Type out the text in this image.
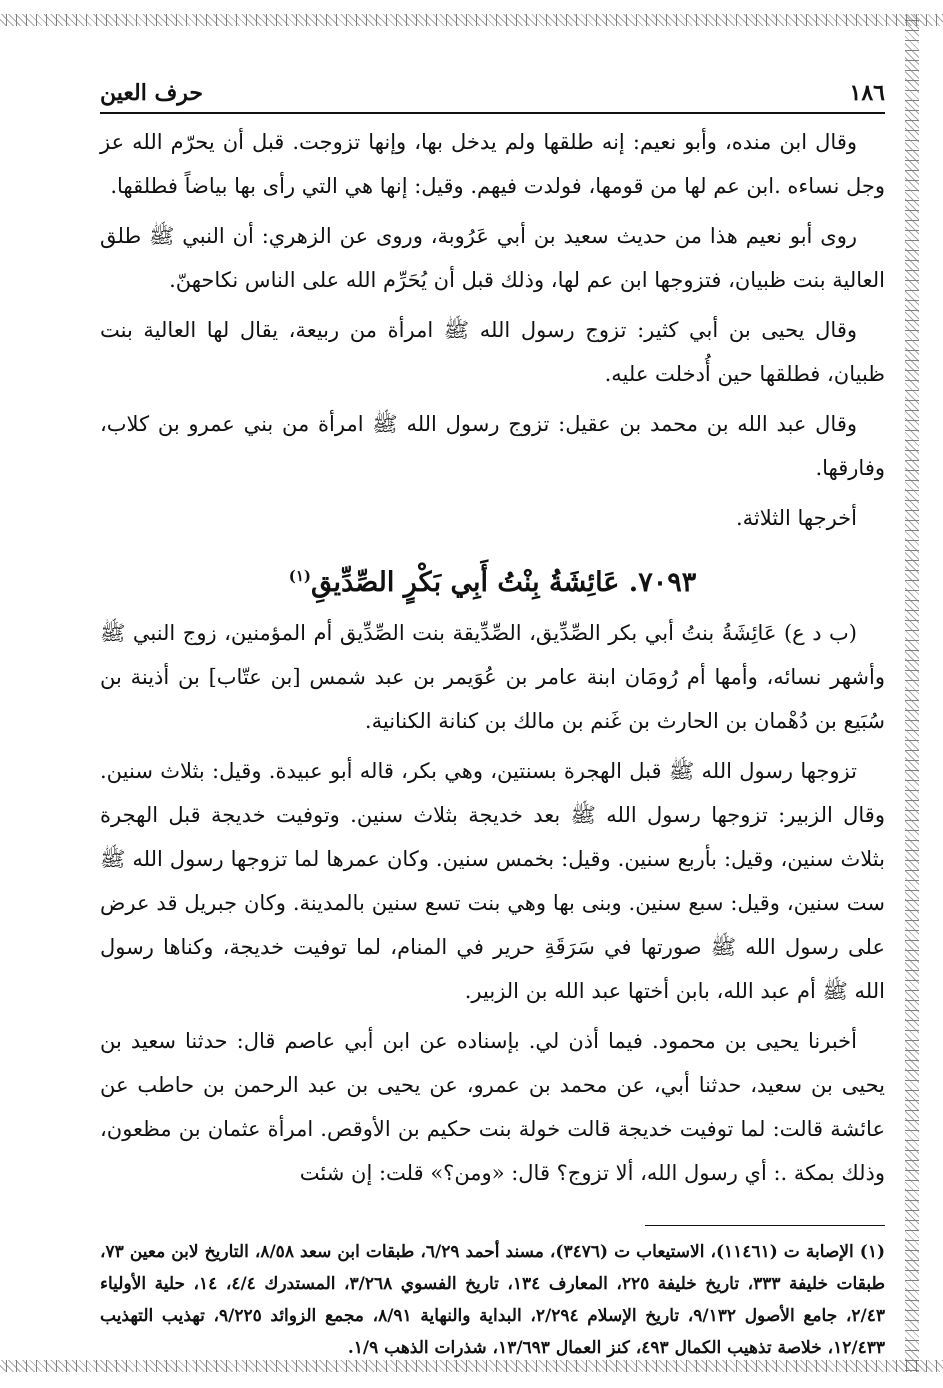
١٨٦
حرف العين

وقال ابن منده، وأبو نعيم: إنه طلقها ولم يدخل بها، وإنها تزوجت. قبل أن يحرّم الله عز وجل نساءه .ابن عم لها من قومها، فولدت فيهم. وقيل: إنها هي التي رأى بها بياضاً فطلقها.

روى أبو نعيم هذا من حديث سعيد بن أبي عَرُوبة، وروى عن الزهري: أن النبي ﷺ طلق العالية بنت ظبيان، فتزوجها ابن عم لها، وذلك قبل أن يُحَرِّم الله على الناس نكاحهنّ.

وقال يحيى بن أبي كثير: تزوج رسول الله ﷺ امرأة من ربيعة، يقال لها العالية بنت ظبيان، فطلقها حين أُدخلت عليه.

وقال عبد الله بن محمد بن عقيل: تزوج رسول الله ﷺ امرأة من بني عمرو بن كلاب، وفارقها.

أخرجها الثلاثة.

٧٠٩٣. عَائِشَةُ بِنْتُ أَبِي بَكْرٍ الصِّدِّيقِ$^{(١)}$

(ب د ع) عَائِشَةُ بنتُ أبي بكر الصِّدِّيق، الصِّدِّيقة بنت الصِّدِّيق أم المؤمنين، زوج النبي ﷺ وأشهر نسائه، وأمها أم رُومَان ابنة عامر بن عُوَيمر بن عبد شمس [بن عتّاب] بن أذينة بن سُبَيع بن دُهْمان بن الحارث بن غَنم بن مالك بن كنانة الكنانية.

تزوجها رسول الله ﷺ قبل الهجرة بسنتين، وهي بكر، قاله أبو عبيدة. وقيل: بثلاث سنين. وقال الزبير: تزوجها رسول الله ﷺ بعد خديجة بثلاث سنين. وتوفيت خديجة قبل الهجرة بثلاث سنين، وقيل: بأربع سنين. وقيل: بخمس سنين. وكان عمرها لما تزوجها رسول الله ﷺ ست سنين، وقيل: سبع سنين. وبنى بها وهي بنت تسع سنين بالمدينة. وكان جبريل قد عرض على رسول الله ﷺ صورتها في سَرَقَةِ حرير في المنام، لما توفيت خديجة، وكناها رسول الله ﷺ أم عبد الله، بابن أختها عبد الله بن الزبير.

أخبرنا يحيى بن محمود. فيما أذن لي. بإسناده عن ابن أبي عاصم قال: حدثنا سعيد بن يحيى بن سعيد، حدثنا أبي، عن محمد بن عمرو، عن يحيى بن عبد الرحمن بن حاطب عن عائشة قالت: لما توفيت خديجة قالت خولة بنت حكيم بن الأوقص. امرأة عثمان بن مظعون، وذلك بمكة .: أي رسول الله، ألا تزوج؟ قال: «ومن؟» قلت: إن شئت

(١) الإصابة ت (١١٤٦١)، الاستيعاب ت (٣٤٧٦)، مسند أحمد ٦/٢٩، طبقات ابن سعد ٨/٥٨، التاريخ لابن معين ٧٣، طبقات خليفة ٣٣٣، تاريخ خليفة ٢٢٥، المعارف ١٣٤، تاريخ الفسوي ٣/٢٦٨، المستدرك ٤/٤، ١٤، حلية الأولياء ٢/٤٣، جامع الأصول ٩/١٣٢، تاريخ الإسلام ٢/٢٩٤، البداية والنهاية ٨/٩١، مجمع الزوائد ٩/٢٢٥، تهذيب التهذيب ١٢/٤٣٣، خلاصة تذهيب الكمال ٤٩٣، كنز العمال ١٣/٦٩٣، شذرات الذهب ١/٩.
